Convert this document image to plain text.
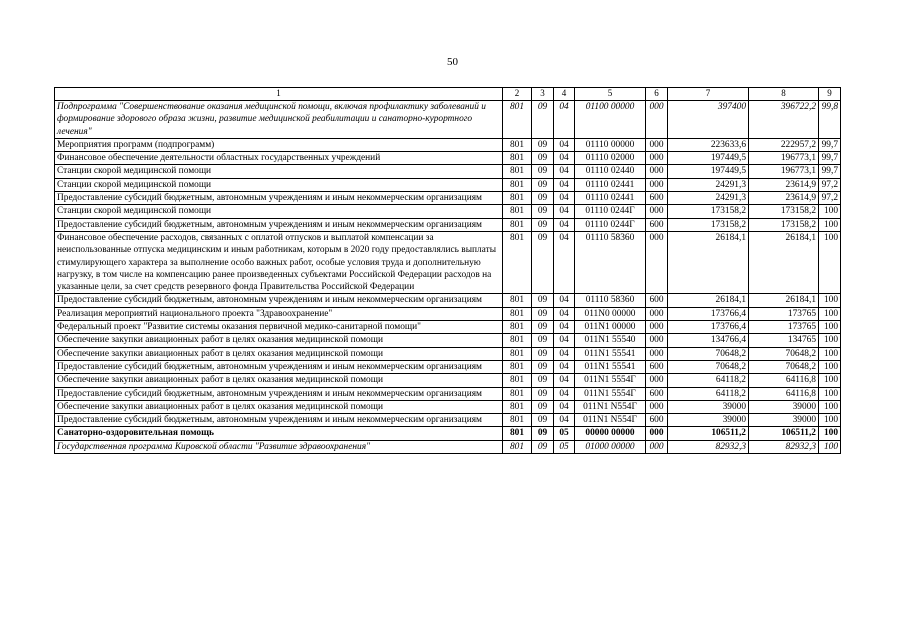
50
1	2	3	4	5	6	7	8	9
Подпрограмма "Совершенствование оказания медицинской помощи, включая профилактику заболеваний и формирование здорового образа жизни, развитие медицинской реабилитации и санаторно-курортного лечения"	801	09	04	01100 00000	000	397400	396722,2	99,8
Мероприятия программ (подпрограмм)	801	09	04	01110 00000	000	223633,6	222957,2	99,7
Финансовое обеспечение деятельности областных государственных учреждений	801	09	04	01110 02000	000	197449,5	196773,1	99,7
Станции скорой медицинской помощи	801	09	04	01110 02440	000	197449,5	196773,1	99,7
Станции скорой медицинской помощи	801	09	04	01110 02441	000	24291,3	23614,9	97,2
Предоставление субсидий бюджетным, автономным учреждениям и иным некоммерческим организациям	801	09	04	01110 02441	600	24291,3	23614,9	97,2
Станции скорой медицинской помощи	801	09	04	01110 0244Г	000	173158,2	173158,2	100
Предоставление субсидий бюджетным, автономным учреждениям и иным некоммерческим организациям	801	09	04	01110 0244Г	600	173158,2	173158,2	100
Финансовое обеспечение расходов, связанных с оплатой отпусков и выплатой компенсации за неиспользованные отпуска медицинским и иным работникам, которым в 2020 году предоставлялись выплаты стимулирующего характера за выполнение особо важных работ, особые условия труда и дополнительную нагрузку, в том числе на компенсацию ранее произведенных субъектами Российской Федерации расходов на указанные цели, за счет средств резервного фонда Правительства Российской Федерации	801	09	04	01110 58360	000	26184,1	26184,1	100
Предоставление субсидий бюджетным, автономным учреждениям и иным некоммерческим организациям	801	09	04	01110 58360	600	26184,1	26184,1	100
Реализация мероприятий национального проекта "Здравоохранение"	801	09	04	011N0 00000	000	173766,4	173765	100
Федеральный проект "Развитие системы оказания первичной медико-санитарной помощи"	801	09	04	011N1 00000	000	173766,4	173765	100
Обеспечение закупки авиационных работ в целях оказания медицинской помощи	801	09	04	011N1 55540	000	134766,4	134765	100
Обеспечение закупки авиационных работ в целях оказания медицинской помощи	801	09	04	011N1 55541	000	70648,2	70648,2	100
Предоставление субсидий бюджетным, автономным учреждениям и иным некоммерческим организациям	801	09	04	011N1 55541	600	70648,2	70648,2	100
Обеспечение закупки авиационных работ в целях оказания медицинской помощи	801	09	04	011N1 5554Г	000	64118,2	64116,8	100
Предоставление субсидий бюджетным, автономным учреждениям и иным некоммерческим организациям	801	09	04	011N1 5554Г	600	64118,2	64116,8	100
Обеспечение закупки авиационных работ в целях оказания медицинской помощи	801	09	04	011N1 N554Г	000	39000	39000	100
Предоставление субсидий бюджетным, автономным учреждениям и иным некоммерческим организациям	801	09	04	011N1 N554Г	600	39000	39000	100
Санаторно-оздоровительная помощь	801	09	05	00000 00000	000	106511,2	106511,2	100
Государственная программа Кировской области "Развитие здравоохранения"	801	09	05	01000 00000	000	82932,3	82932,3	100
